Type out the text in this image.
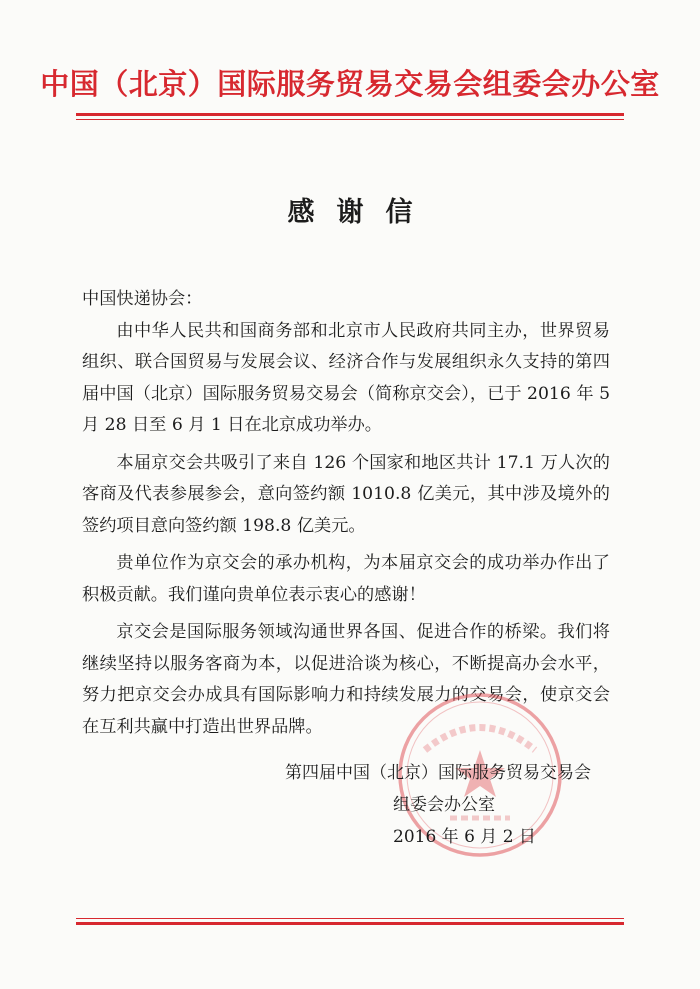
中国（北京）国际服务贸易交易会组委会办公室
感谢信

中国快递协会：

由中华人民共和国商务部和北京市人民政府共同主办，世界贸易组织、联合国贸易与发展会议、经济合作与发展组织永久支持的第四届中国（北京）国际服务贸易交易会（简称京交会），已于 2016 年 5 月 28 日至 6 月 1 日在北京成功举办。

本届京交会共吸引了来自 126 个国家和地区共计 17.1 万人次的客商及代表参展参会，意向签约额 1010.8 亿美元，其中涉及境外的签约项目意向签约额 198.8 亿美元。

贵单位作为京交会的承办机构，为本届京交会的成功举办作出了积极贡献。我们谨向贵单位表示衷心的感谢！

京交会是国际服务领域沟通世界各国、促进合作的桥梁。我们将继续坚持以服务客商为本，以促进洽谈为核心，不断提高办会水平，努力把京交会办成具有国际影响力和持续发展力的交易会，使京交会在互利共赢中打造出世界品牌。

第四届中国（北京）国际服务贸易交易会
组委会办公室
2016 年 6 月 2 日
